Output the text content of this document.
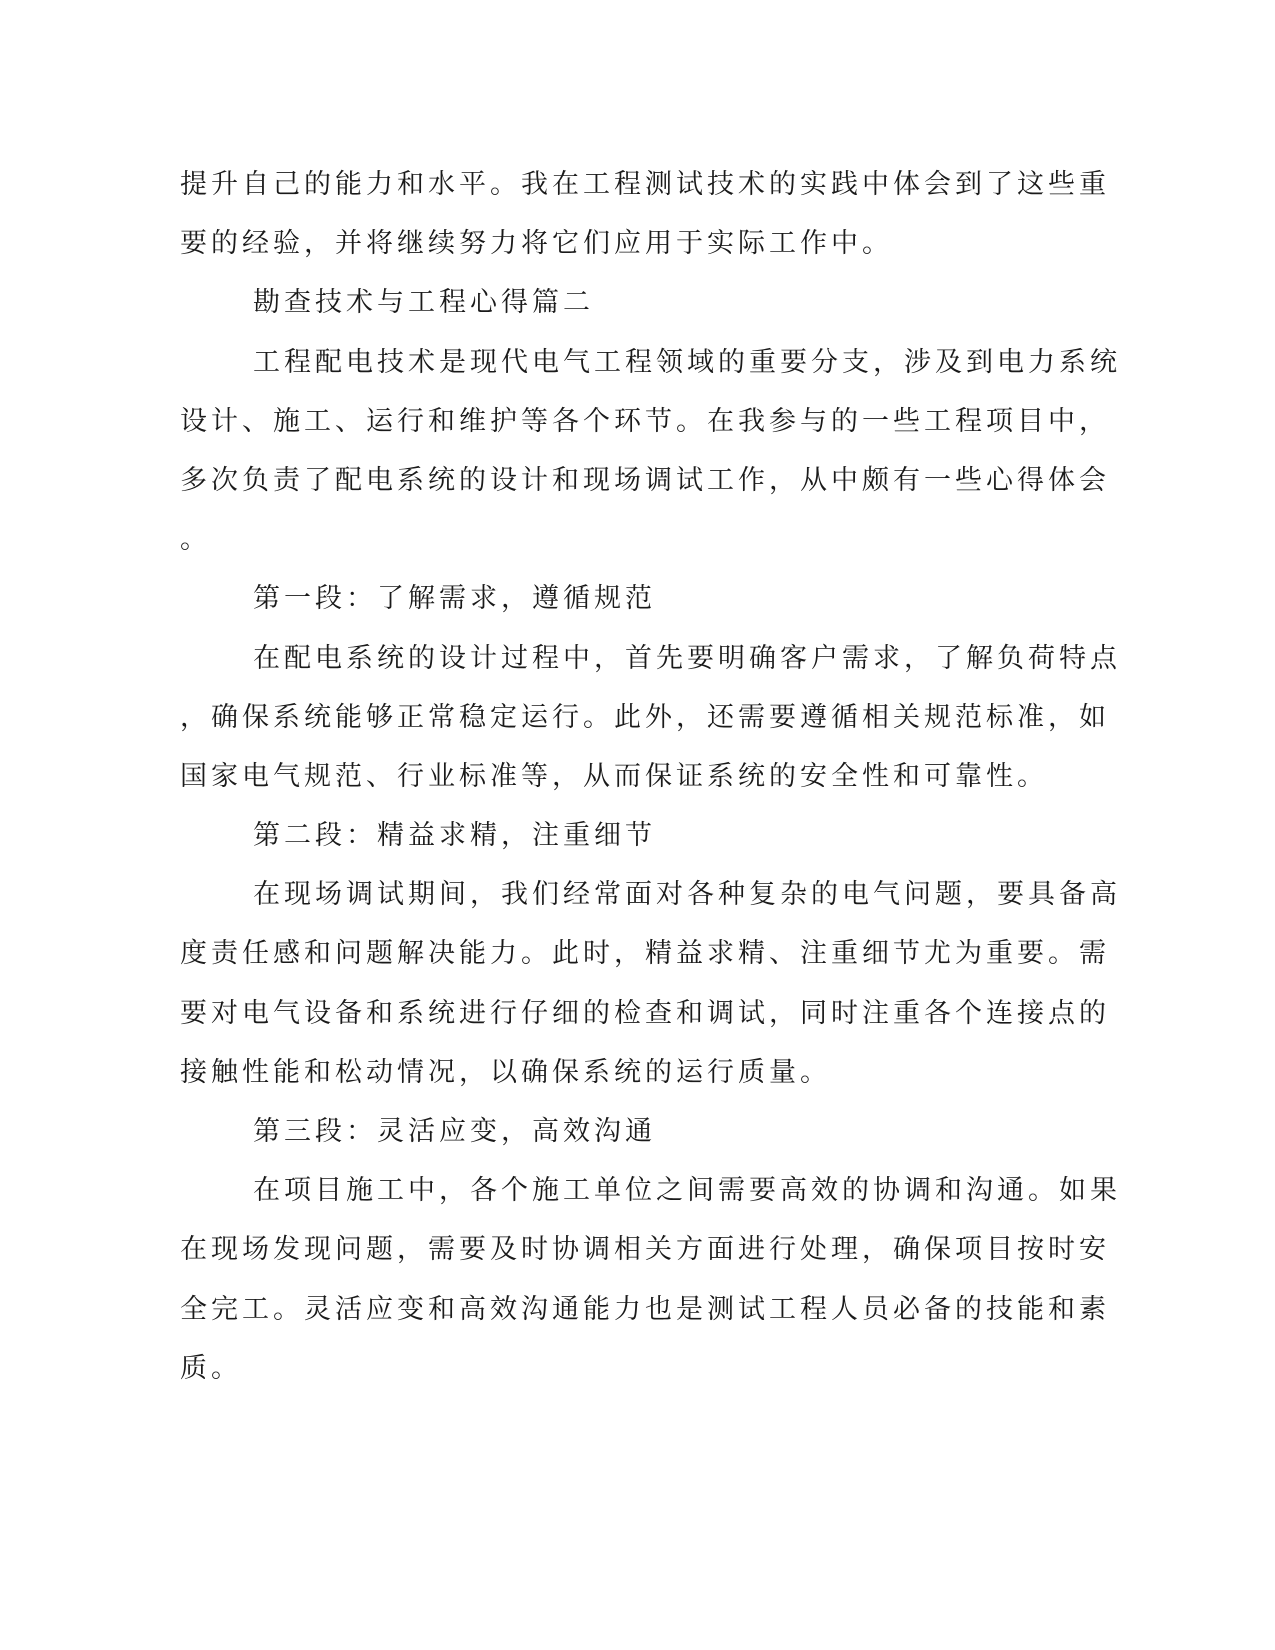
提升自己的能力和水平。我在工程测试技术的实践中体会到了这些重
要的经验，并将继续努力将它们应用于实际工作中。
勘查技术与工程心得篇二
工程配电技术是现代电气工程领域的重要分支，涉及到电力系统
设计、施工、运行和维护等各个环节。在我参与的一些工程项目中，
多次负责了配电系统的设计和现场调试工作，从中颇有一些心得体会
。
第一段：了解需求，遵循规范
在配电系统的设计过程中，首先要明确客户需求，了解负荷特点
，确保系统能够正常稳定运行。此外，还需要遵循相关规范标准，如
国家电气规范、行业标准等，从而保证系统的安全性和可靠性。
第二段：精益求精，注重细节
在现场调试期间，我们经常面对各种复杂的电气问题，要具备高
度责任感和问题解决能力。此时，精益求精、注重细节尤为重要。需
要对电气设备和系统进行仔细的检查和调试，同时注重各个连接点的
接触性能和松动情况，以确保系统的运行质量。
第三段：灵活应变，高效沟通
在项目施工中，各个施工单位之间需要高效的协调和沟通。如果
在现场发现问题，需要及时协调相关方面进行处理，确保项目按时安
全完工。灵活应变和高效沟通能力也是测试工程人员必备的技能和素
质。
